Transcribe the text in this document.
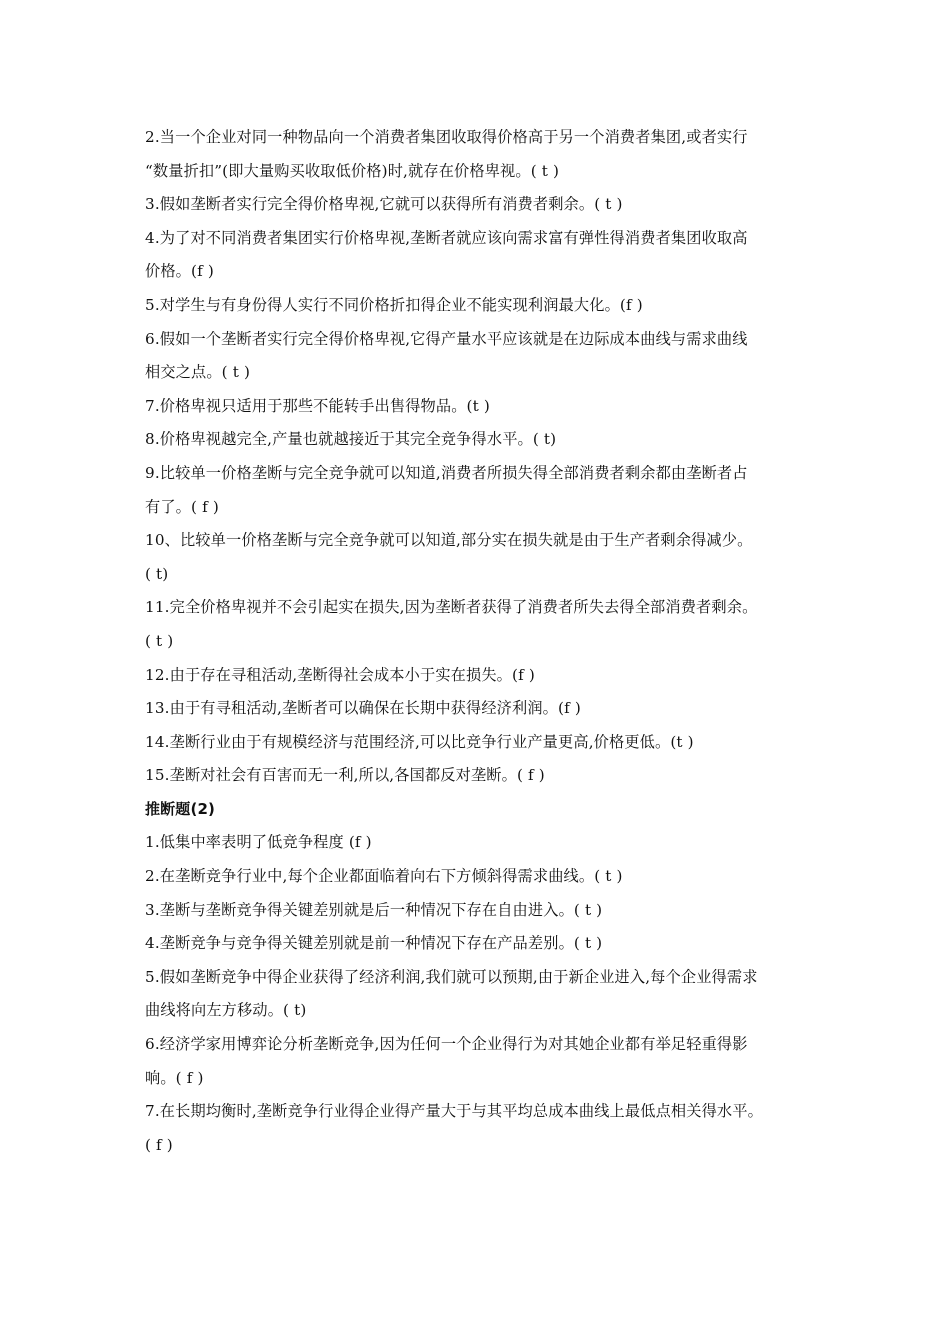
2.当一个企业对同一种物品向一个消费者集团收取得价格高于另一个消费者集团,或者实行
“数量折扣”(即大量购买收取低价格)时,就存在价格卑视。( t )
3.假如垄断者实行完全得价格卑视,它就可以获得所有消费者剩余。( t )
4.为了对不同消费者集团实行价格卑视,垄断者就应该向需求富有弹性得消费者集团收取高
价格。(f )
5.对学生与有身份得人实行不同价格折扣得企业不能实现利润最大化。(f )
6.假如一个垄断者实行完全得价格卑视,它得产量水平应该就是在边际成本曲线与需求曲线
相交之点。( t )
7.价格卑视只适用于那些不能转手出售得物品。(t )
8.价格卑视越完全,产量也就越接近于其完全竞争得水平。( t)
9.比较单一价格垄断与完全竞争就可以知道,消费者所损失得全部消费者剩余都由垄断者占
有了。( f )
10、比较单一价格垄断与完全竞争就可以知道,部分实在损失就是由于生产者剩余得减少。
( t)
11.完全价格卑视并不会引起实在损失,因为垄断者获得了消费者所失去得全部消费者剩余。
( t )
12.由于存在寻租活动,垄断得社会成本小于实在损失。(f )
13.由于有寻租活动,垄断者可以确保在长期中获得经济利润。(f )
14.垄断行业由于有规模经济与范围经济,可以比竞争行业产量更高,价格更低。(t )
15.垄断对社会有百害而无一利,所以,各国都反对垄断。( f )
推断题(2)
1.低集中率表明了低竞争程度 (f )
2.在垄断竞争行业中,每个企业都面临着向右下方倾斜得需求曲线。( t )
3.垄断与垄断竞争得关键差别就是后一种情况下存在自由进入。( t )
4.垄断竞争与竞争得关键差别就是前一种情况下存在产品差别。( t )
5.假如垄断竞争中得企业获得了经济利润,我们就可以预期,由于新企业进入,每个企业得需求
曲线将向左方移动。( t)
6.经济学家用博弈论分析垄断竞争,因为任何一个企业得行为对其她企业都有举足轻重得影
响。( f )
7.在长期均衡时,垄断竞争行业得企业得产量大于与其平均总成本曲线上最低点相关得水平。
( f )
